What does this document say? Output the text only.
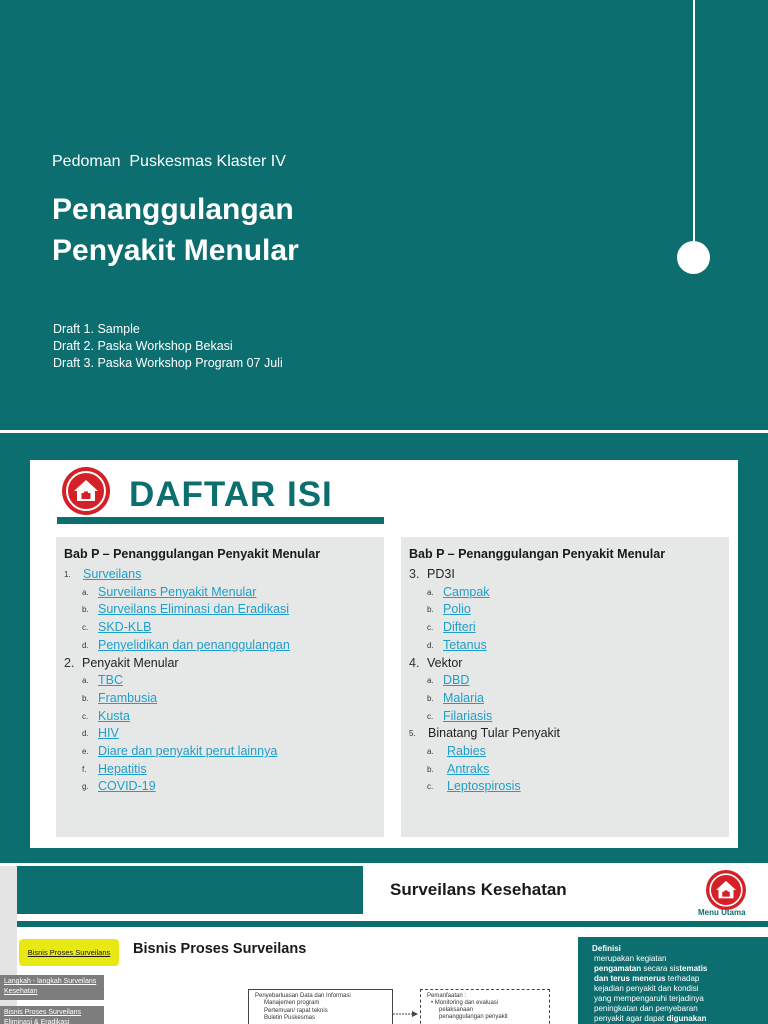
Pedoman  Puskesmas Klaster IV
Penanggulangan
Penyakit Menular
Draft 1. Sample
Draft 2. Paska Workshop Bekasi
Draft 3. Paska Workshop Program 07 Juli
DAFTAR ISI
Bab P – Penanggulangan Penyakit Menular
1. Surveilans
a. Surveilans Penyakit Menular
b. Surveilans Eliminasi dan Eradikasi
c. SKD-KLB
d. Penyelidikan dan penanggulangan
2. Penyakit Menular
a. TBC
b. Frambusia
c. Kusta
d. HIV
e. Diare dan penyakit perut lainnya
f. Hepatitis
g. COVID-19
Bab P – Penanggulangan Penyakit Menular
3. PD3I
a. Campak
b. Polio
c. Difteri
d. Tetanus
4. Vektor
a. DBD
b. Malaria
c. Filariasis
5. Binatang Tular Penyakit
a. Rabies
b. Antraks
c. Leptospirosis
Surveilans Kesehatan
Menu Utama
Bisnis Proses Surveilans
Langkah - langkah Surveilans Kesehatan
Bisnis Proses Surveilans Eliminasi & Eradikasi
Bisnis Proses Surveilans
Penyebarluasan Data dan Informasi
Manajemen program
Pertemuan/ rapat teknis
Buletin Puskesmas
Pemanfaatan :
• Monitoring dan evaluasi
pelaksanaan
penanggulangan penyakit
Definisi
merupakan kegiatan
pengamatan secara sistematis
dan terus menerus terhadap
kejadian penyakit dan kondisi
yang mempengaruhi terjadinya
peningkatan dan penyebaran
penyakit agar dapat digunakan
